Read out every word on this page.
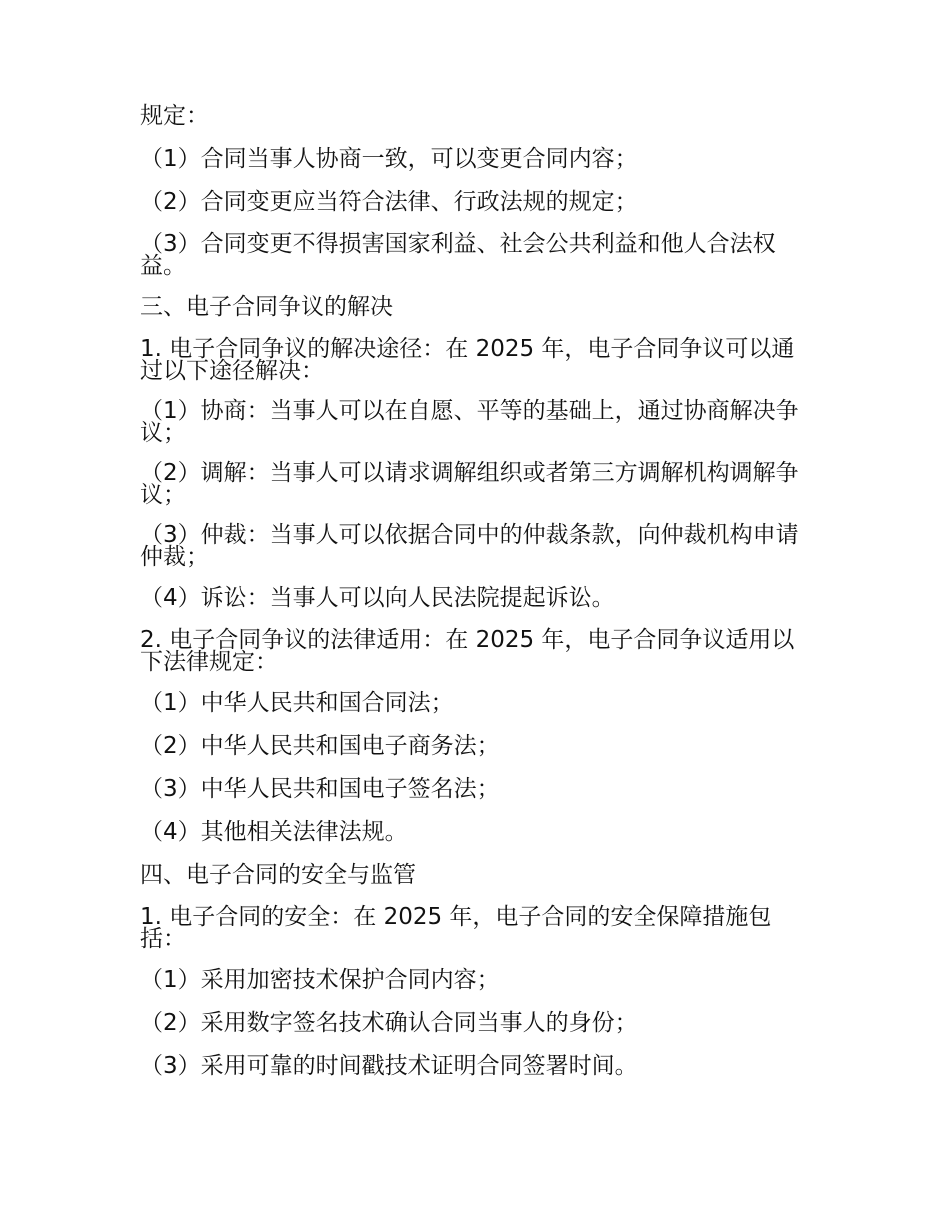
规定：

（1）合同当事人协商一致，可以变更合同内容；

（2）合同变更应当符合法律、行政法规的规定；

（3）合同变更不得损害国家利益、社会公共利益和他人合法权益。

三、电子合同争议的解决

1. 电子合同争议的解决途径：在 2025 年，电子合同争议可以通过以下途径解决：

（1）协商：当事人可以在自愿、平等的基础上，通过协商解决争议；

（2）调解：当事人可以请求调解组织或者第三方调解机构调解争议；

（3）仲裁：当事人可以依据合同中的仲裁条款，向仲裁机构申请仲裁；

（4）诉讼：当事人可以向人民法院提起诉讼。

2. 电子合同争议的法律适用：在 2025 年，电子合同争议适用以下法律规定：

（1）中华人民共和国合同法；

（2）中华人民共和国电子商务法；

（3）中华人民共和国电子签名法；

（4）其他相关法律法规。

四、电子合同的安全与监管

1. 电子合同的安全：在 2025 年，电子合同的安全保障措施包括：

（1）采用加密技术保护合同内容；

（2）采用数字签名技术确认合同当事人的身份；

（3）采用可靠的时间戳技术证明合同签署时间。
